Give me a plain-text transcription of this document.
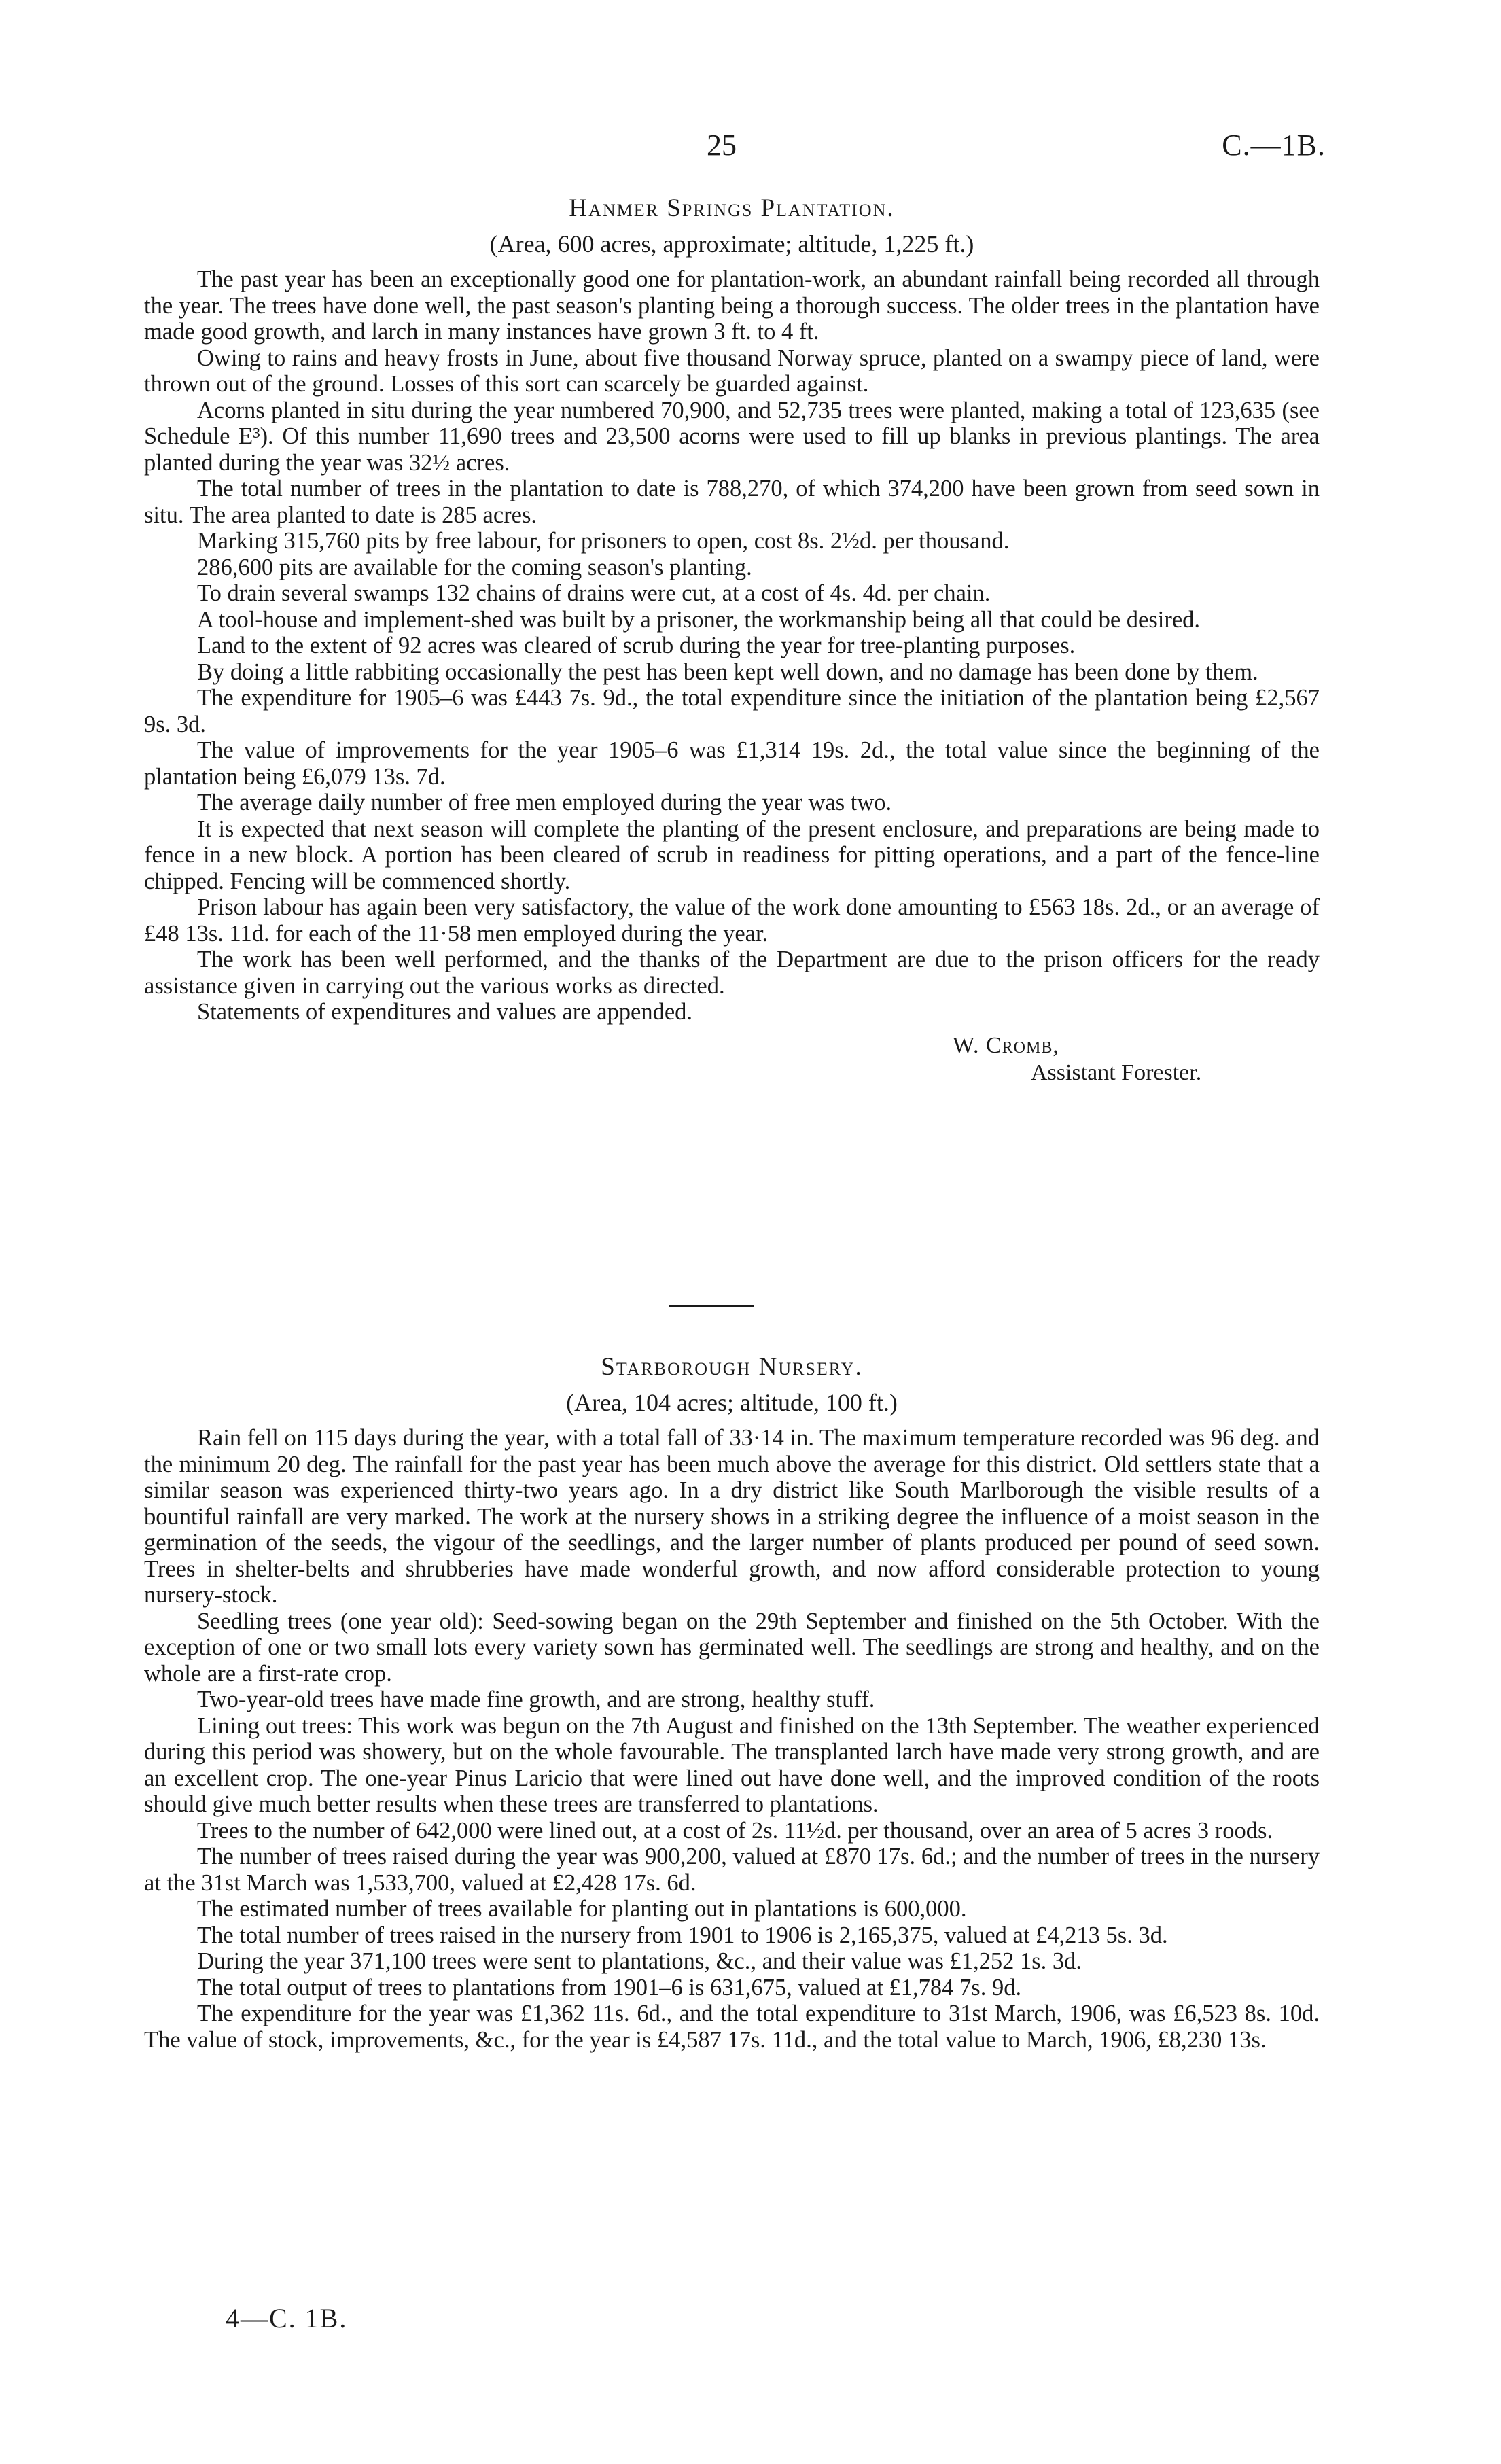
25	C.—1B.
Hanmer Springs Plantation.
(Area, 600 acres, approximate; altitude, 1,225 ft.)

The past year has been an exceptionally good one for plantation-work, an abundant rainfall being recorded all through the year. The trees have done well, the past season's planting being a thorough success. The older trees in the plantation have made good growth, and larch in many instances have grown 3 ft. to 4 ft.

Owing to rains and heavy frosts in June, about five thousand Norway spruce, planted on a swampy piece of land, were thrown out of the ground. Losses of this sort can scarcely be guarded against.

Acorns planted in situ during the year numbered 70,900, and 52,735 trees were planted, making a total of 123,635 (see Schedule E³). Of this number 11,690 trees and 23,500 acorns were used to fill up blanks in previous plantings. The area planted during the year was 32½ acres.

The total number of trees in the plantation to date is 788,270, of which 374,200 have been grown from seed sown in situ. The area planted to date is 285 acres.

Marking 315,760 pits by free labour, for prisoners to open, cost 8s. 2½d. per thousand.

286,600 pits are available for the coming season's planting.

To drain several swamps 132 chains of drains were cut, at a cost of 4s. 4d. per chain.

A tool-house and implement-shed was built by a prisoner, the workmanship being all that could be desired.

Land to the extent of 92 acres was cleared of scrub during the year for tree-planting purposes.

By doing a little rabbiting occasionally the pest has been kept well down, and no damage has been done by them.

The expenditure for 1905–6 was £443 7s. 9d., the total expenditure since the initiation of the plantation being £2,567 9s. 3d.

The value of improvements for the year 1905–6 was £1,314 19s. 2d., the total value since the beginning of the plantation being £6,079 13s. 7d.

The average daily number of free men employed during the year was two.

It is expected that next season will complete the planting of the present enclosure, and preparations are being made to fence in a new block. A portion has been cleared of scrub in readiness for pitting operations, and a part of the fence-line chipped. Fencing will be commenced shortly.

Prison labour has again been very satisfactory, the value of the work done amounting to £563 18s. 2d., or an average of £48 13s. 11d. for each of the 11·58 men employed during the year.

The work has been well performed, and the thanks of the Department are due to the prison officers for the ready assistance given in carrying out the various works as directed.

Statements of expenditures and values are appended.

W. Cromb,
Assistant Forester.
Starborough Nursery.
(Area, 104 acres; altitude, 100 ft.)

Rain fell on 115 days during the year, with a total fall of 33·14 in. The maximum temperature recorded was 96 deg. and the minimum 20 deg. The rainfall for the past year has been much above the average for this district. Old settlers state that a similar season was experienced thirty-two years ago. In a dry district like South Marlborough the visible results of a bountiful rainfall are very marked. The work at the nursery shows in a striking degree the influence of a moist season in the germination of the seeds, the vigour of the seedlings, and the larger number of plants produced per pound of seed sown. Trees in shelter-belts and shrubberies have made wonderful growth, and now afford considerable protection to young nursery-stock.

Seedling trees (one year old): Seed-sowing began on the 29th September and finished on the 5th October. With the exception of one or two small lots every variety sown has germinated well. The seedlings are strong and healthy, and on the whole are a first-rate crop.

Two-year-old trees have made fine growth, and are strong, healthy stuff.

Lining out trees: This work was begun on the 7th August and finished on the 13th September. The weather experienced during this period was showery, but on the whole favourable. The transplanted larch have made very strong growth, and are an excellent crop. The one-year Pinus Laricio that were lined out have done well, and the improved condition of the roots should give much better results when these trees are transferred to plantations.

Trees to the number of 642,000 were lined out, at a cost of 2s. 11½d. per thousand, over an area of 5 acres 3 roods.

The number of trees raised during the year was 900,200, valued at £870 17s. 6d.; and the number of trees in the nursery at the 31st March was 1,533,700, valued at £2,428 17s. 6d.

The estimated number of trees available for planting out in plantations is 600,000.

The total number of trees raised in the nursery from 1901 to 1906 is 2,165,375, valued at £4,213 5s. 3d.

During the year 371,100 trees were sent to plantations, &c., and their value was £1,252 1s. 3d.

The total output of trees to plantations from 1901–6 is 631,675, valued at £1,784 7s. 9d.

The expenditure for the year was £1,362 11s. 6d., and the total expenditure to 31st March, 1906, was £6,523 8s. 10d. The value of stock, improvements, &c., for the year is £4,587 17s. 11d., and the total value to March, 1906, £8,230 13s.

4—C. 1B.
